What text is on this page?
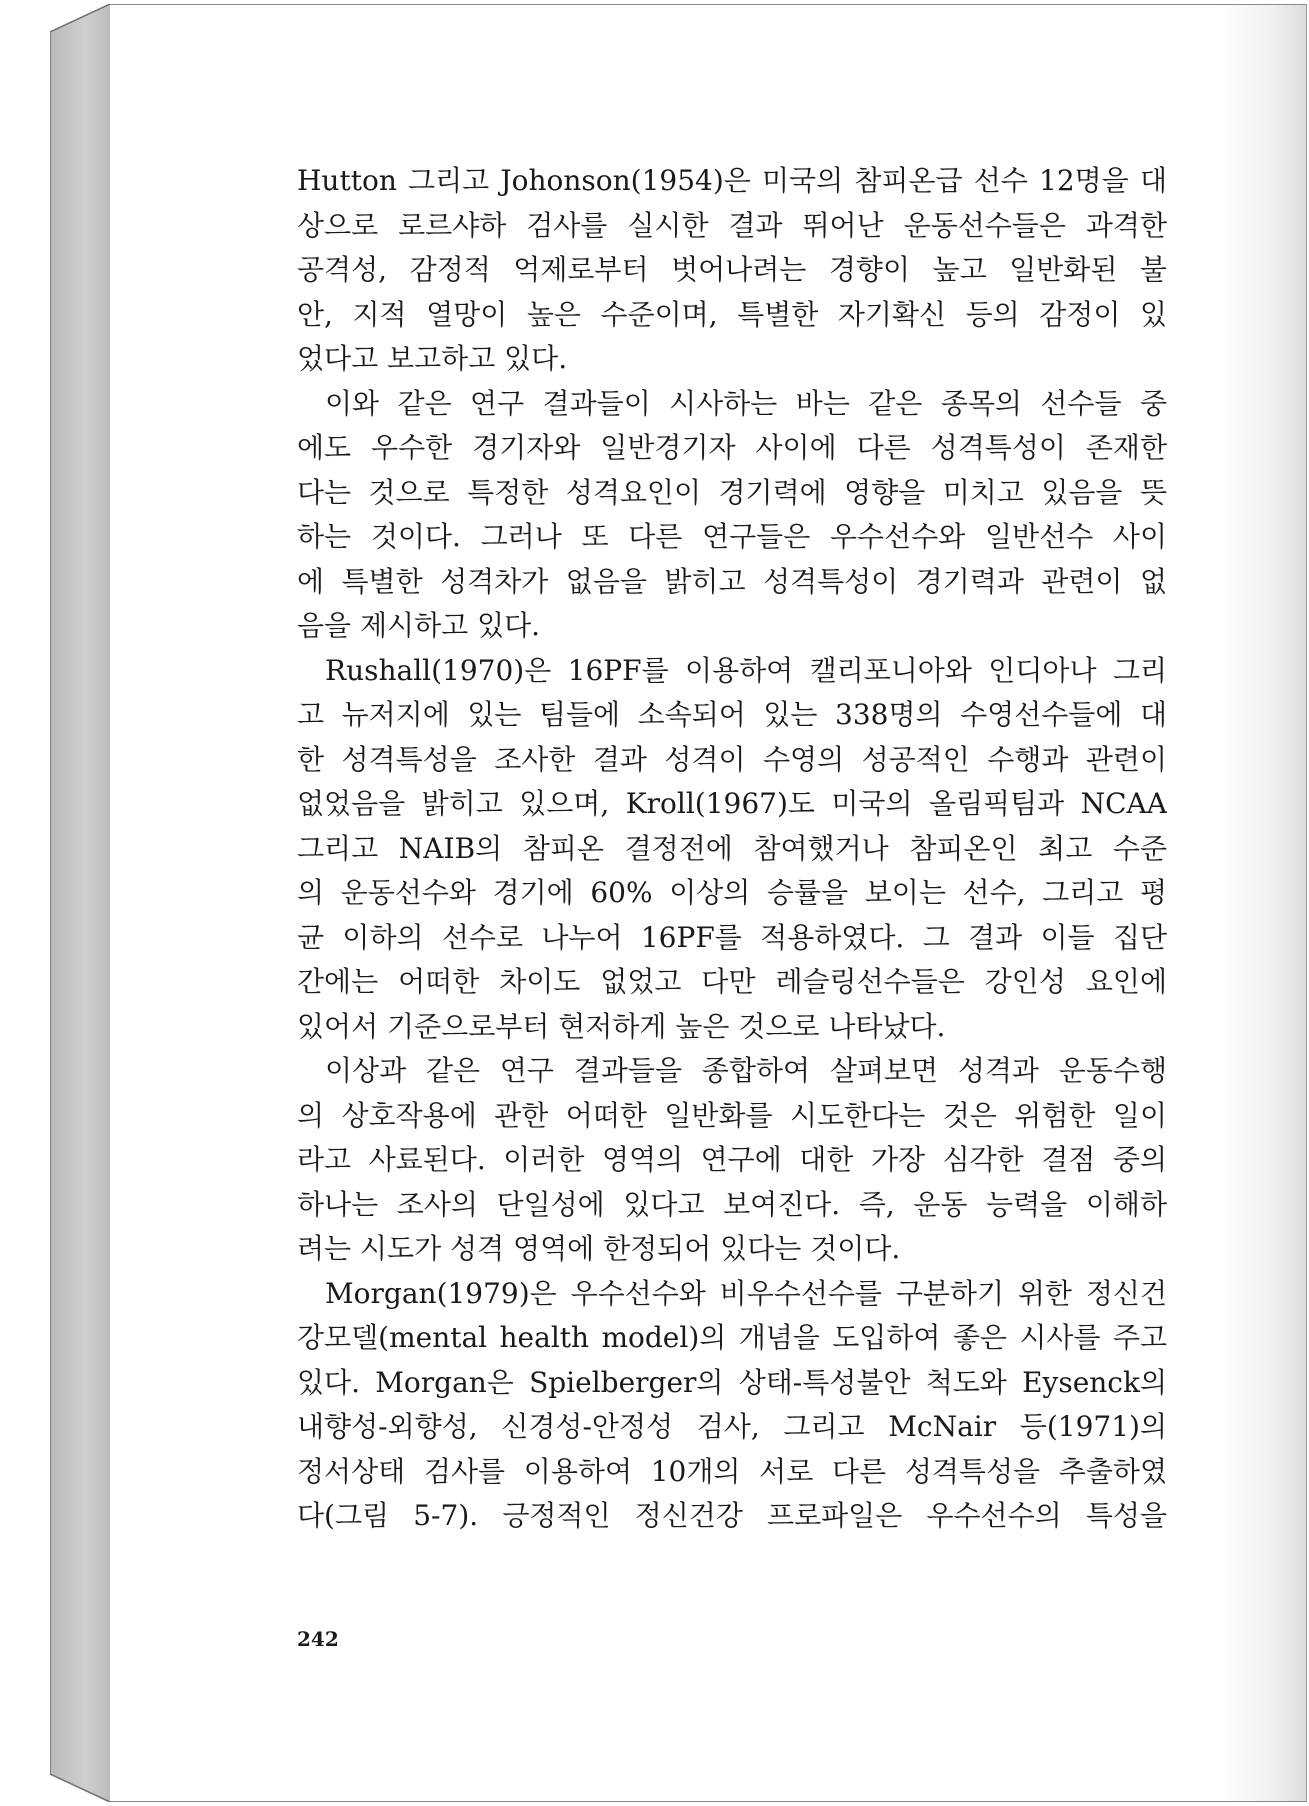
Hutton 그리고 Johonson(1954)은 미국의 참피온급 선수 12명을 대
상으로 로르샤하 검사를 실시한 결과 뛰어난 운동선수들은 과격한
공격성, 감정적 억제로부터 벗어나려는 경향이 높고 일반화된 불
안, 지적 열망이 높은 수준이며, 특별한 자기확신 등의 감정이 있
었다고 보고하고 있다.
이와 같은 연구 결과들이 시사하는 바는 같은 종목의 선수들 중
에도 우수한 경기자와 일반경기자 사이에 다른 성격특성이 존재한
다는 것으로 특정한 성격요인이 경기력에 영향을 미치고 있음을 뜻
하는 것이다. 그러나 또 다른 연구들은 우수선수와 일반선수 사이
에 특별한 성격차가 없음을 밝히고 성격특성이 경기력과 관련이 없
음을 제시하고 있다.
Rushall(1970)은 16PF를 이용하여 캘리포니아와 인디아나 그리
고 뉴저지에 있는 팀들에 소속되어 있는 338명의 수영선수들에 대
한 성격특성을 조사한 결과 성격이 수영의 성공적인 수행과 관련이
없었음을 밝히고 있으며, Kroll(1967)도 미국의 올림픽팀과 NCAA
그리고 NAIB의 참피온 결정전에 참여했거나 참피온인 최고 수준
의 운동선수와 경기에 60% 이상의 승률을 보이는 선수, 그리고 평
균 이하의 선수로 나누어 16PF를 적용하였다. 그 결과 이들 집단
간에는 어떠한 차이도 없었고 다만 레슬링선수들은 강인성 요인에
있어서 기준으로부터 현저하게 높은 것으로 나타났다.
이상과 같은 연구 결과들을 종합하여 살펴보면 성격과 운동수행
의 상호작용에 관한 어떠한 일반화를 시도한다는 것은 위험한 일이
라고 사료된다. 이러한 영역의 연구에 대한 가장 심각한 결점 중의
하나는 조사의 단일성에 있다고 보여진다. 즉, 운동 능력을 이해하
려는 시도가 성격 영역에 한정되어 있다는 것이다.
Morgan(1979)은 우수선수와 비우수선수를 구분하기 위한 정신건
강모델(mental health model)의 개념을 도입하여 좋은 시사를 주고
있다. Morgan은 Spielberger의 상태-특성불안 척도와 Eysenck의
내향성-외향성, 신경성-안정성 검사, 그리고 McNair 등(1971)의
정서상태 검사를 이용하여 10개의 서로 다른 성격특성을 추출하였
다(그림 5-7). 긍정적인 정신건강 프로파일은 우수선수의 특성을
242
